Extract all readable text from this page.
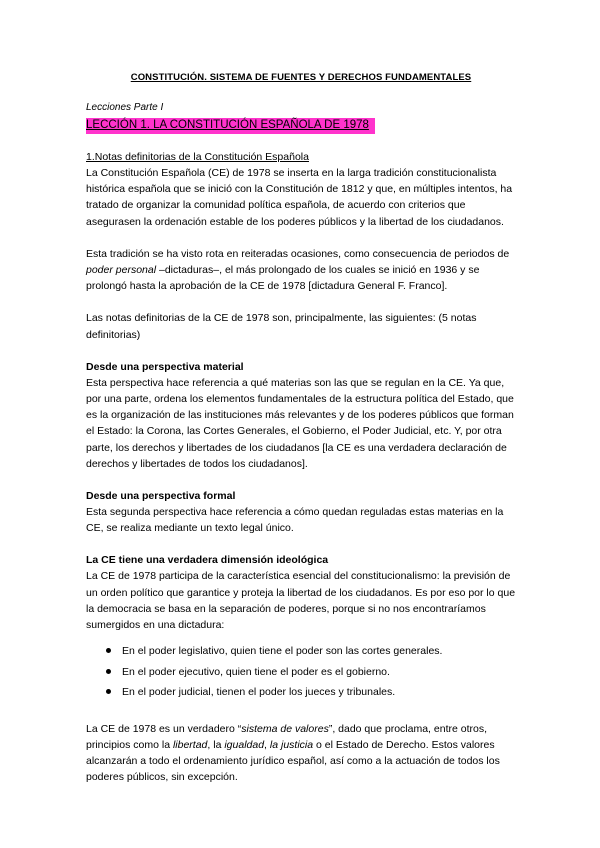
CONSTITUCIÓN. SISTEMA DE FUENTES Y DERECHOS FUNDAMENTALES
Lecciones Parte I
LECCIÓN 1. LA CONSTITUCIÓN ESPAÑOLA DE 1978
1.Notas definitorias de la Constitución Española

La Constitución Española (CE) de 1978 se inserta en la larga tradición constitucionalista histórica española que se inició con la Constitución de 1812 y que, en múltiples intentos, ha tratado de organizar la comunidad política española, de acuerdo con criterios que asegurasen la ordenación estable de los poderes públicos y la libertad de los ciudadanos.

Esta tradición se ha visto rota en reiteradas ocasiones, como consecuencia de periodos de poder personal –dictaduras–, el más prolongado de los cuales se inició en 1936 y se prolongó hasta la aprobación de la CE de 1978 [dictadura General F. Franco].

Las notas definitorias de la CE de 1978 son, principalmente, las siguientes: (5 notas definitorias)

Desde una perspectiva material

Esta perspectiva hace referencia a qué materias son las que se regulan en la CE. Ya que, por una parte, ordena los elementos fundamentales de la estructura política del Estado, que es la organización de las instituciones más relevantes y de los poderes públicos que forman el Estado: la Corona, las Cortes Generales, el Gobierno, el Poder Judicial, etc. Y, por otra parte, los derechos y libertades de los ciudadanos [la CE es una verdadera declaración de derechos y libertades de todos los ciudadanos].

Desde una perspectiva formal

Esta segunda perspectiva hace referencia a cómo quedan reguladas estas materias en la CE, se realiza mediante un texto legal único.

La CE tiene una verdadera dimensión ideológica

La CE de 1978 participa de la característica esencial del constitucionalismo: la previsión de un orden político que garantice y proteja la libertad de los ciudadanos. Es por eso por lo que la democracia se basa en la separación de poderes, porque si no nos encontraríamos sumergidos en una dictadura:

En el poder legislativo, quien tiene el poder son las cortes generales.
En el poder ejecutivo, quien tiene el poder es el gobierno.
En el poder judicial, tienen el poder los jueces y tribunales.

La CE de 1978 es un verdadero “sistema de valores”, dado que proclama, entre otros, principios como la libertad, la igualdad, la justicia o el Estado de Derecho. Estos valores alcanzarán a todo el ordenamiento jurídico español, así como a la actuación de todos los poderes públicos, sin excepción.
